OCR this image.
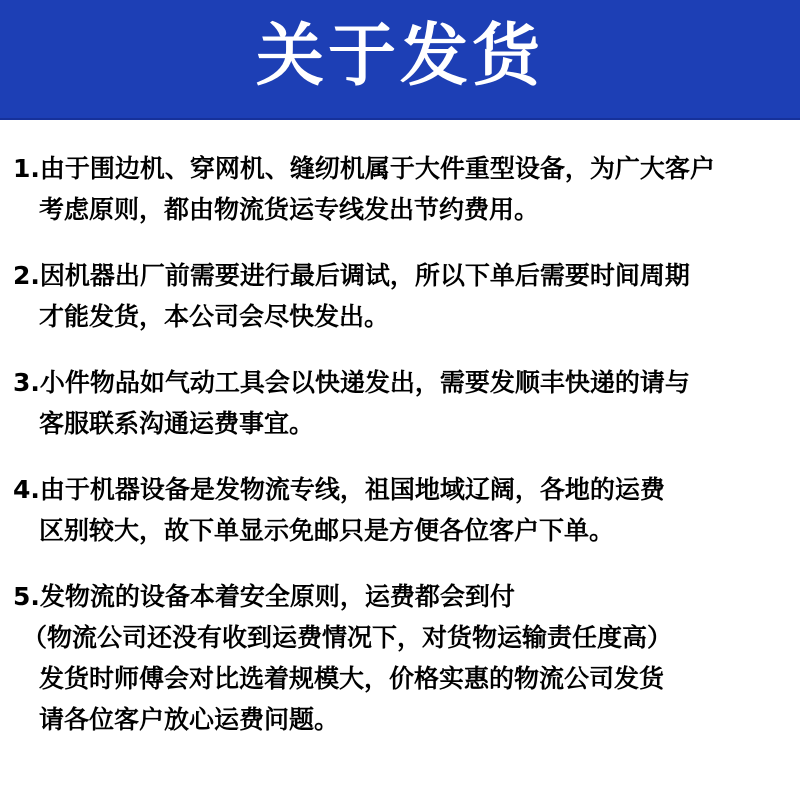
关于发货
1.由于围边机、穿网机、缝纫机属于大件重型设备，为广大客户
考虑原则，都由物流货运专线发出节约费用。
2.因机器出厂前需要进行最后调试，所以下单后需要时间周期
才能发货，本公司会尽快发出。
3.小件物品如气动工具会以快递发出，需要发顺丰快递的请与
客服联系沟通运费事宜。
4.由于机器设备是发物流专线，祖国地域辽阔，各地的运费
区别较大，故下单显示免邮只是方便各位客户下单。
5.发物流的设备本着安全原则，运费都会到付
（物流公司还没有收到运费情况下，对货物运输责任度高）
发货时师傅会对比选着规模大，价格实惠的物流公司发货
请各位客户放心运费问题。
